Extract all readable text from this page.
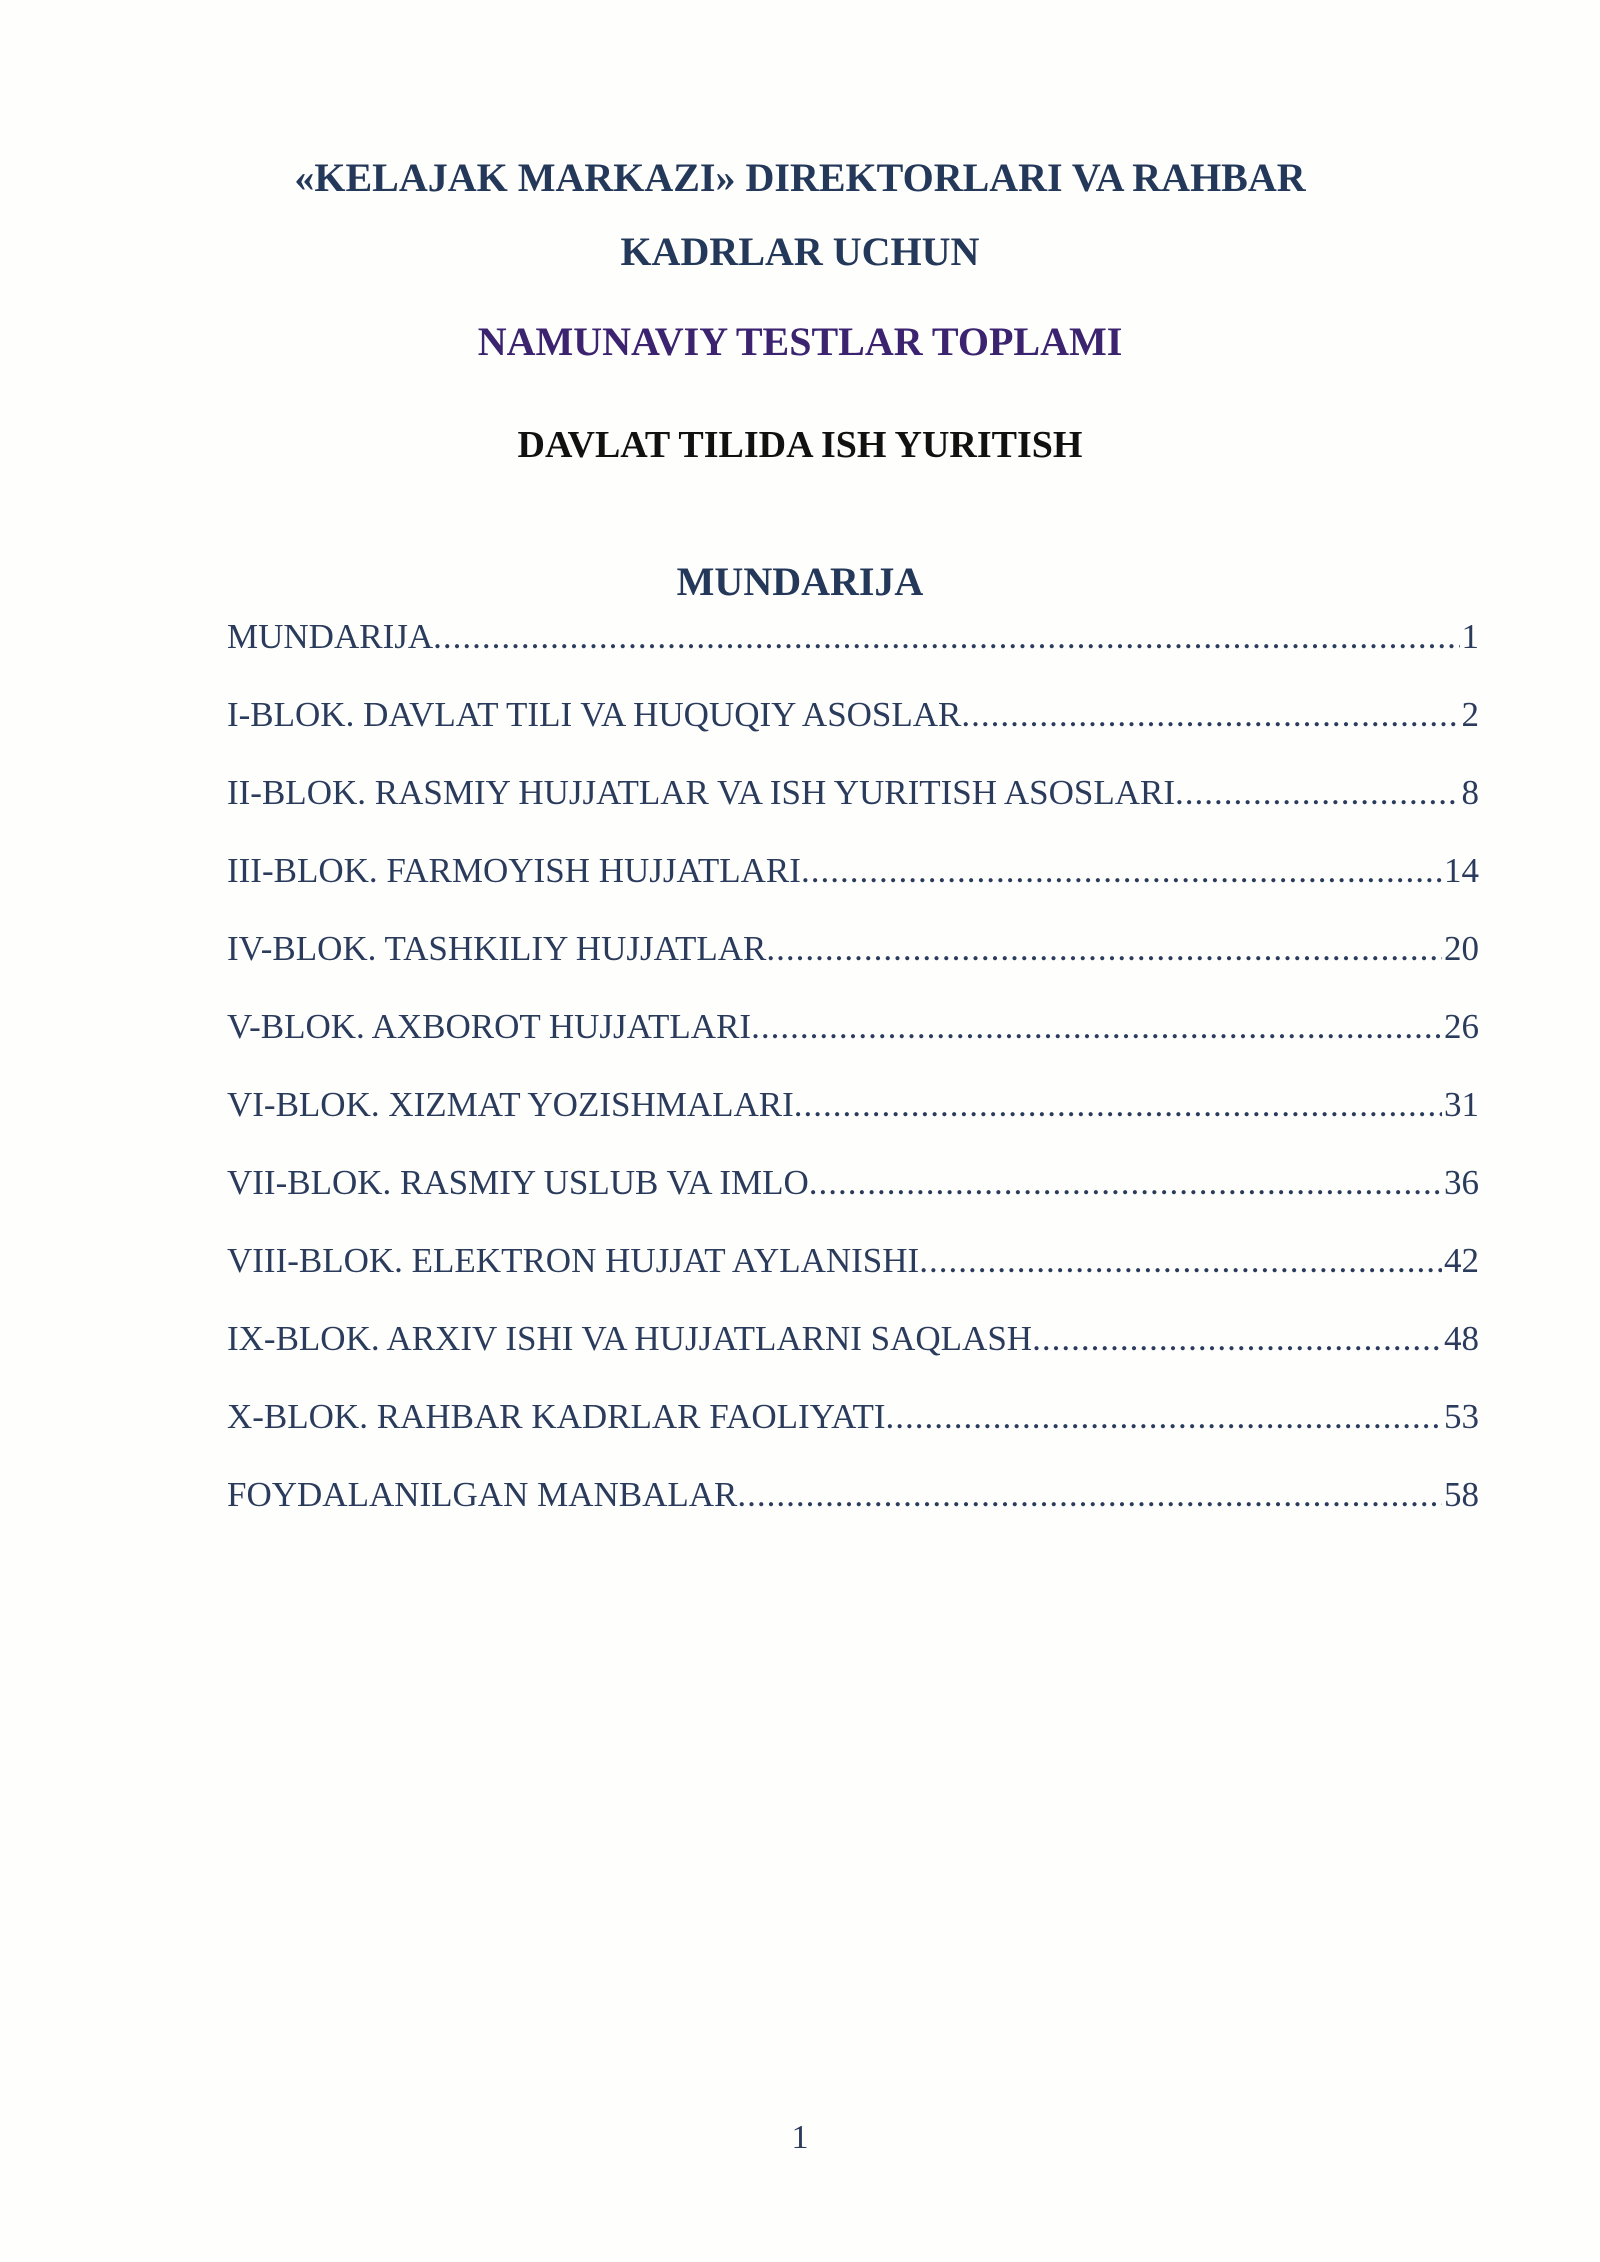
«KELAJAK MARKAZI» DIREKTORLARI VA RAHBAR
KADRLAR UCHUN
NAMUNAVIY TESTLAR TOPLAMI
DAVLAT TILIDA ISH YURITISH
MUNDARIJA
MUNDARIJA .....	1
I-BLOK. DAVLAT TILI VA HUQUQIY ASOSLAR .....	2
II-BLOK. RASMIY HUJJATLAR VA ISH YURITISH ASOSLARI .....	8
III-BLOK. FARMOYISH HUJJATLARI .....	14
IV-BLOK. TASHKILIY HUJJATLAR .....	20
V-BLOK. AXBOROT HUJJATLARI .....	26
VI-BLOK. XIZMAT YOZISHMALARI .....	31
VII-BLOK. RASMIY USLUB VA IMLO .....	36
VIII-BLOK. ELEKTRON HUJJAT AYLANISHI .....	42
IX-BLOK. ARXIV ISHI VA HUJJATLARNI SAQLASH .....	48
X-BLOK. RAHBAR KADRLAR FAOLIYATI .....	53
FOYDALANILGAN MANBALAR .....	58
1
